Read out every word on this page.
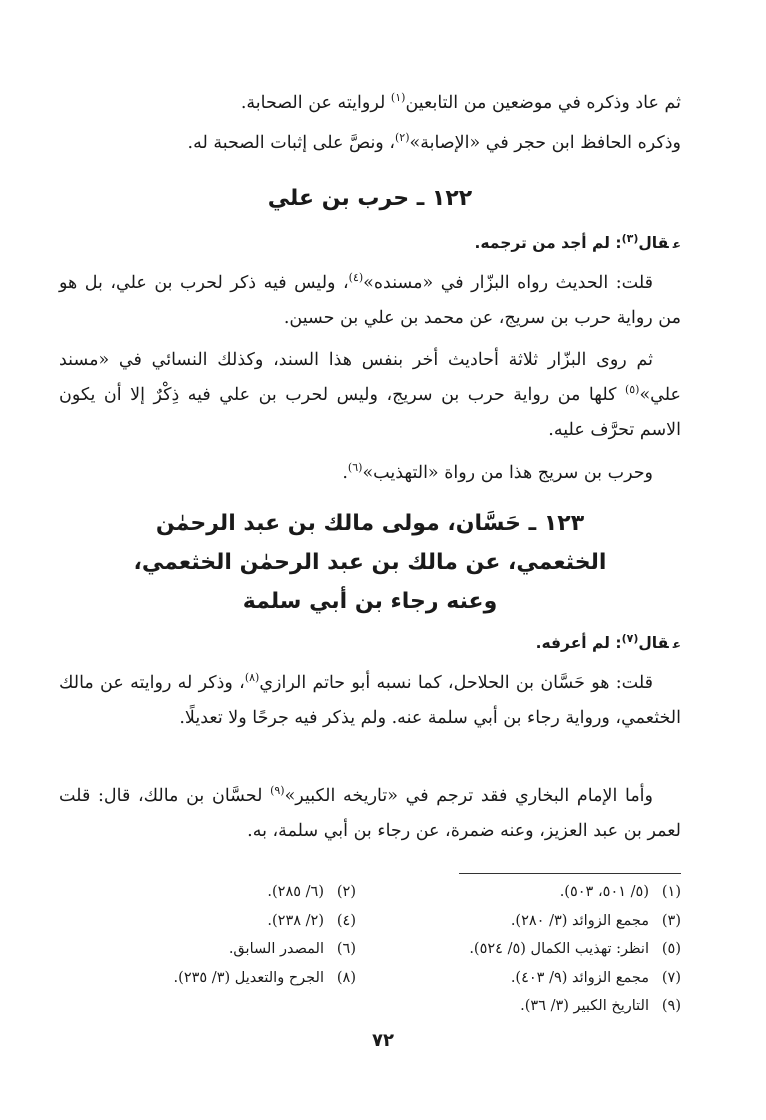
ثم عاد وذكره في موضعين من التابعين$^{(١)}$ لروايته عن الصحابة.

وذكره الحافظ ابن حجر في «الإصابة»$^{(٢)}$، ونصَّ على إثبات الصحبة له.

١٢٢ ـ حرب بن علي

عقال$^{(٣)}$: لم أجد من ترجمه.

قلت: الحديث رواه البزّار في «مسنده»$^{(٤)}$، وليس فيه ذكر لحرب بن علي، بل هو من رواية حرب بن سريج، عن محمد بن علي بن حسين.

ثم روى البزّار ثلاثة أحاديث أخر بنفس هذا السند، وكذلك النسائي في «مسند علي»$^{(٥)}$ كلها من رواية حرب بن سريج، وليس لحرب بن علي فيه ذِكْرٌ إلا أن يكون الاسم تحرَّف عليه.

وحرب بن سريج هذا من رواة «التهذيب»$^{(٦)}$.

١٢٣ ـ حَسَّان، مولى مالك بن عبد الرحمٰن
الخثعمي، عن مالك بن عبد الرحمٰن الخثعمي،
وعنه رجاء بن أبي سلمة

عقال$^{(٧)}$: لم أعرفه.

قلت: هو حَسَّان بن الحلاحل، كما نسبه أبو حاتم الرازي$^{(٨)}$، وذكر له روايته عن مالك الخثعمي، ورواية رجاء بن أبي سلمة عنه. ولم يذكر فيه جرحًا ولا تعديلًا.

وأما الإمام البخاري فقد ترجم في «تاريخه الكبير»$^{(٩)}$ لحسَّان بن مالك، قال: قلت لعمر بن عبد العزيز، وعنه ضمرة، عن رجاء بن أبي سلمة، به.

(١)(٥/ ٥٠١، ٥٠٣).
(٣)مجمع الزوائد (٣/ ٢٨٠).
(٥)انظر: تهذيب الكمال (٥/ ٥٢٤).
(٧)مجمع الزوائد (٩/ ٤٠٣).
(٩)التاريخ الكبير (٣/ ٣٦).
(٢)(٦/ ٢٨٥).
(٤)(٢/ ٢٣٨).
(٦)المصدر السابق.
(٨)الجرح والتعديل (٣/ ٢٣٥).
٧٢
